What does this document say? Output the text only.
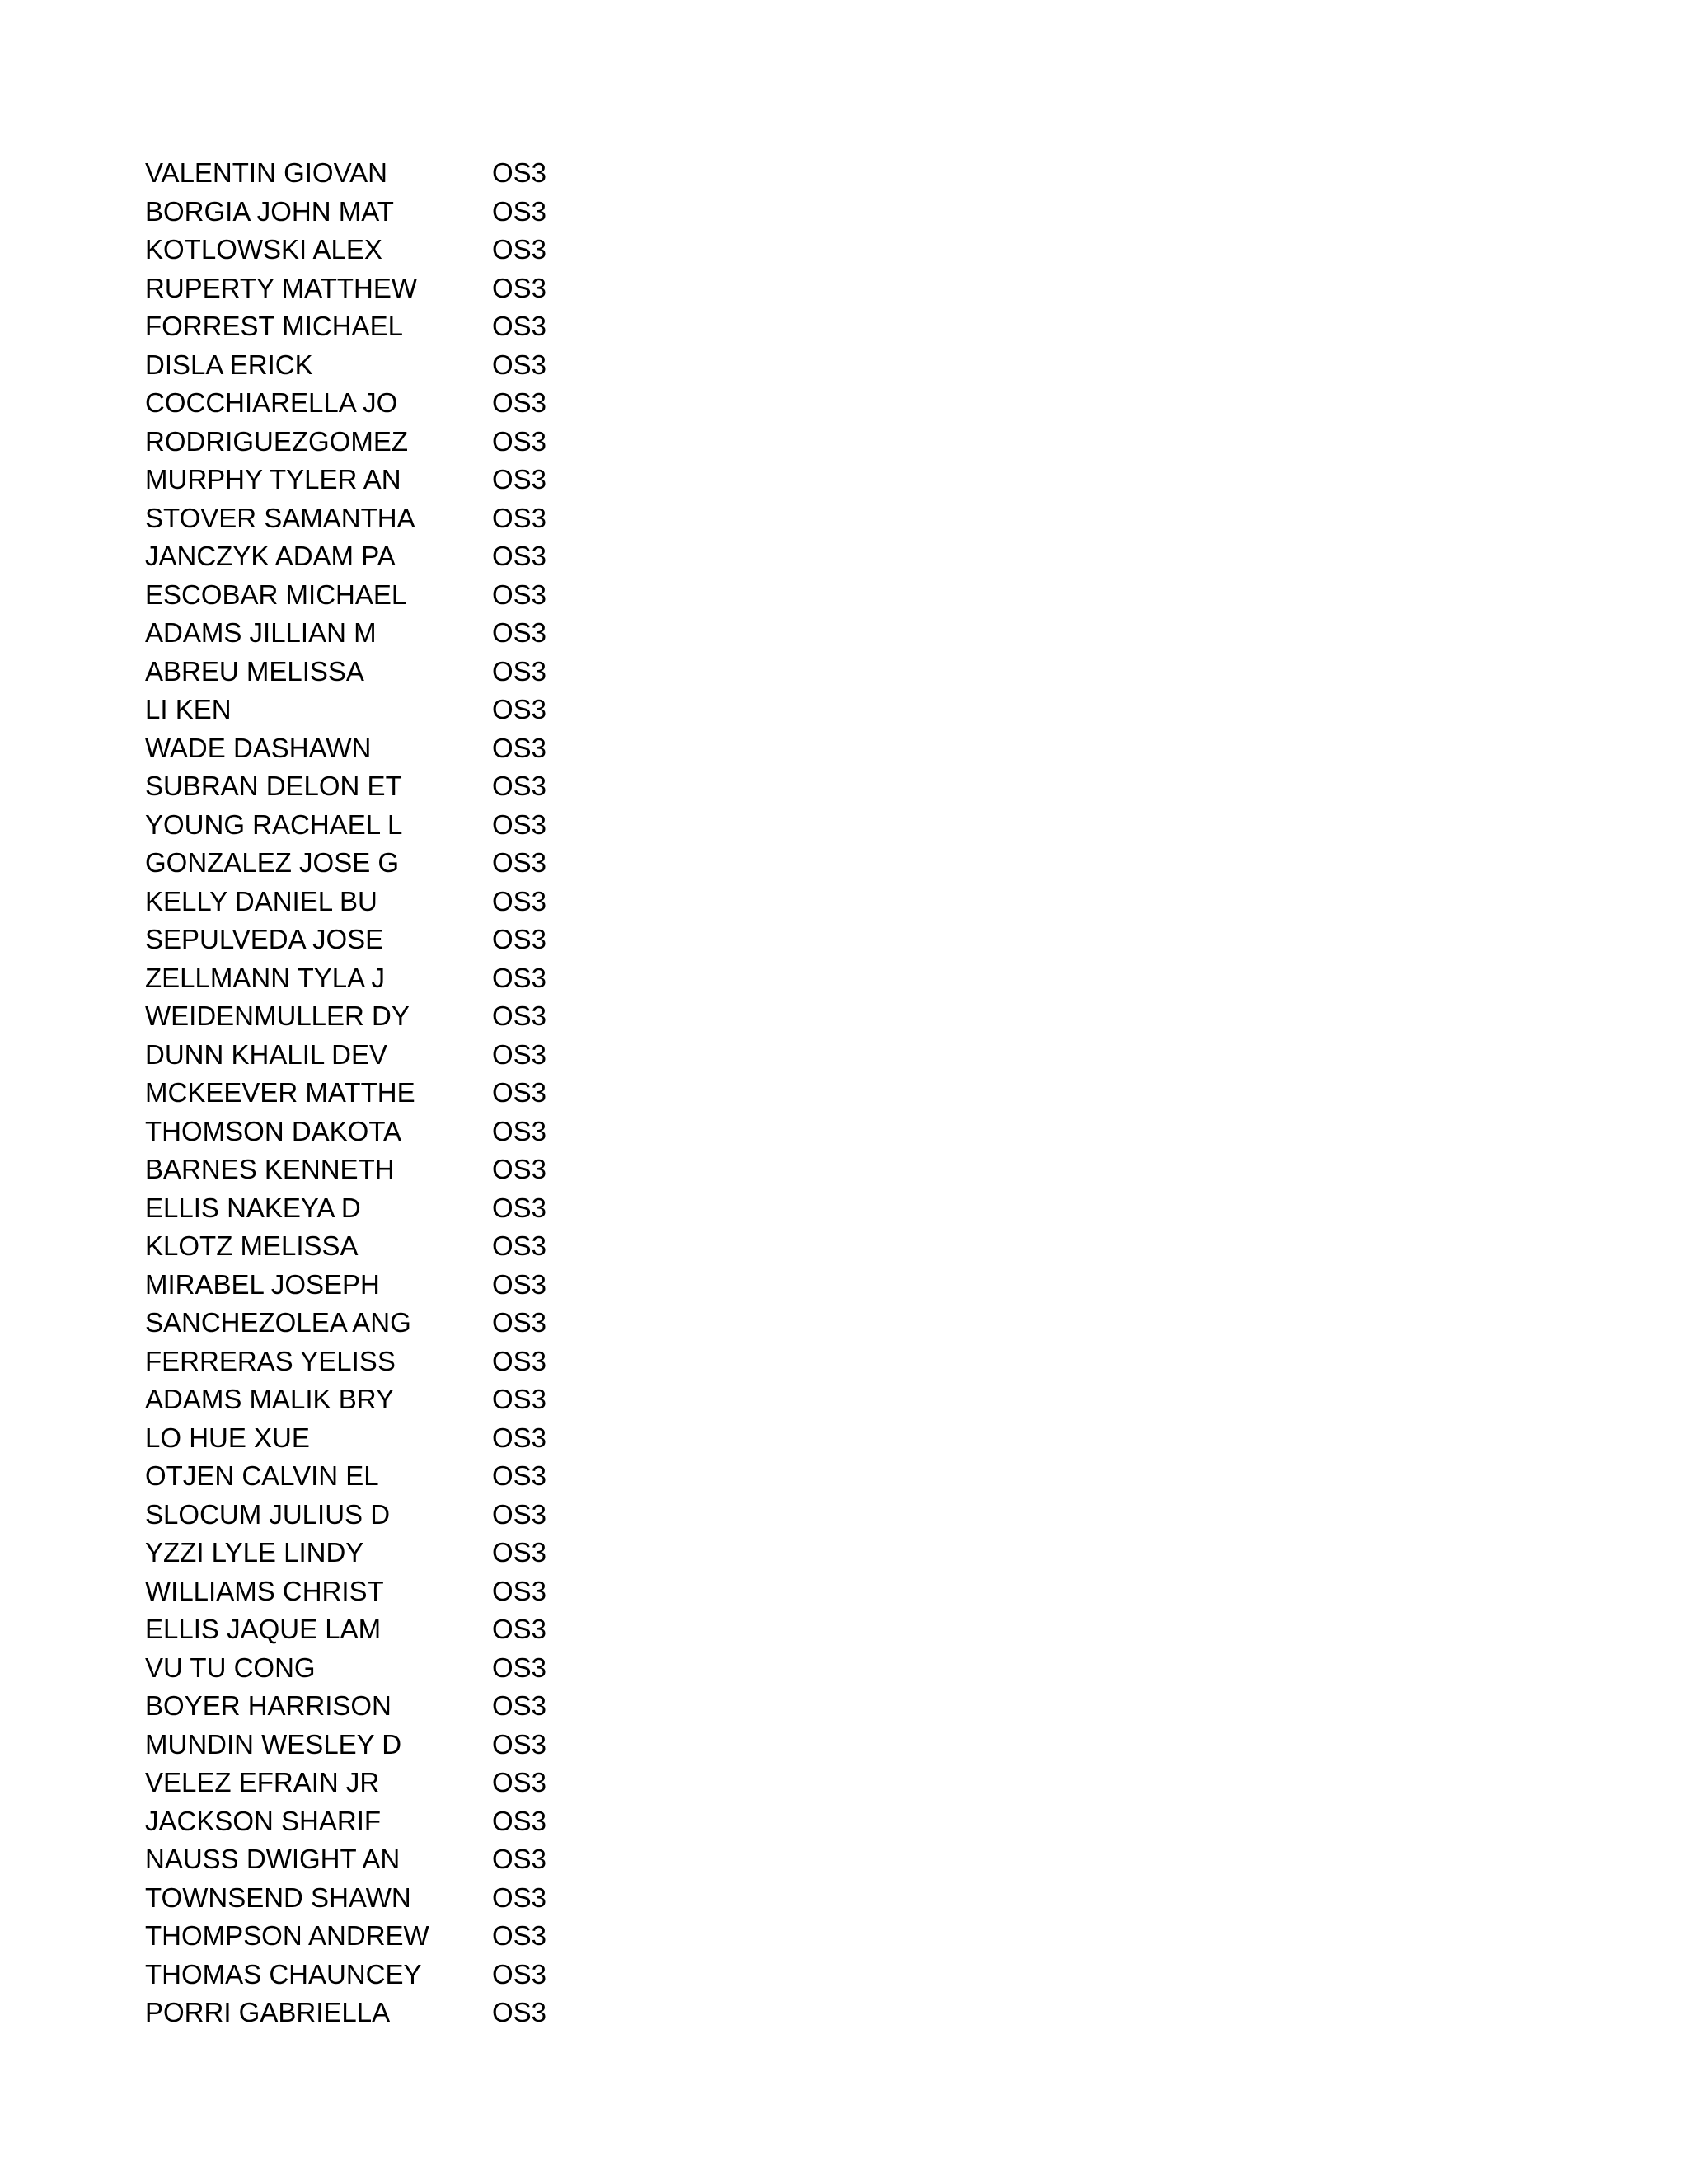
VALENTIN GIOVAN	OS3
BORGIA JOHN MAT	OS3
KOTLOWSKI ALEX	OS3
RUPERTY MATTHEW	OS3
FORREST MICHAEL	OS3
DISLA ERICK	OS3
COCCHIARELLA JO	OS3
RODRIGUEZGOMEZ	OS3
MURPHY TYLER AN	OS3
STOVER SAMANTHA	OS3
JANCZYK ADAM PA	OS3
ESCOBAR MICHAEL	OS3
ADAMS JILLIAN M	OS3
ABREU MELISSA	OS3
LI KEN	OS3
WADE DASHAWN	OS3
SUBRAN DELON ET	OS3
YOUNG RACHAEL L	OS3
GONZALEZ JOSE G	OS3
KELLY DANIEL BU	OS3
SEPULVEDA JOSE	OS3
ZELLMANN TYLA J	OS3
WEIDENMULLER DY	OS3
DUNN KHALIL DEV	OS3
MCKEEVER MATTHE	OS3
THOMSON DAKOTA	OS3
BARNES KENNETH	OS3
ELLIS NAKEYA D	OS3
KLOTZ MELISSA	OS3
MIRABEL JOSEPH	OS3
SANCHEZOLEA ANG	OS3
FERRERAS YELISS	OS3
ADAMS MALIK BRY	OS3
LO HUE XUE	OS3
OTJEN CALVIN EL	OS3
SLOCUM JULIUS D	OS3
YZZI LYLE LINDY	OS3
WILLIAMS CHRIST	OS3
ELLIS JAQUE LAM	OS3
VU TU CONG	OS3
BOYER HARRISON	OS3
MUNDIN WESLEY D	OS3
VELEZ EFRAIN JR	OS3
JACKSON SHARIF	OS3
NAUSS DWIGHT AN	OS3
TOWNSEND SHAWN	OS3
THOMPSON ANDREW	OS3
THOMAS CHAUNCEY	OS3
PORRI GABRIELLA	OS3
